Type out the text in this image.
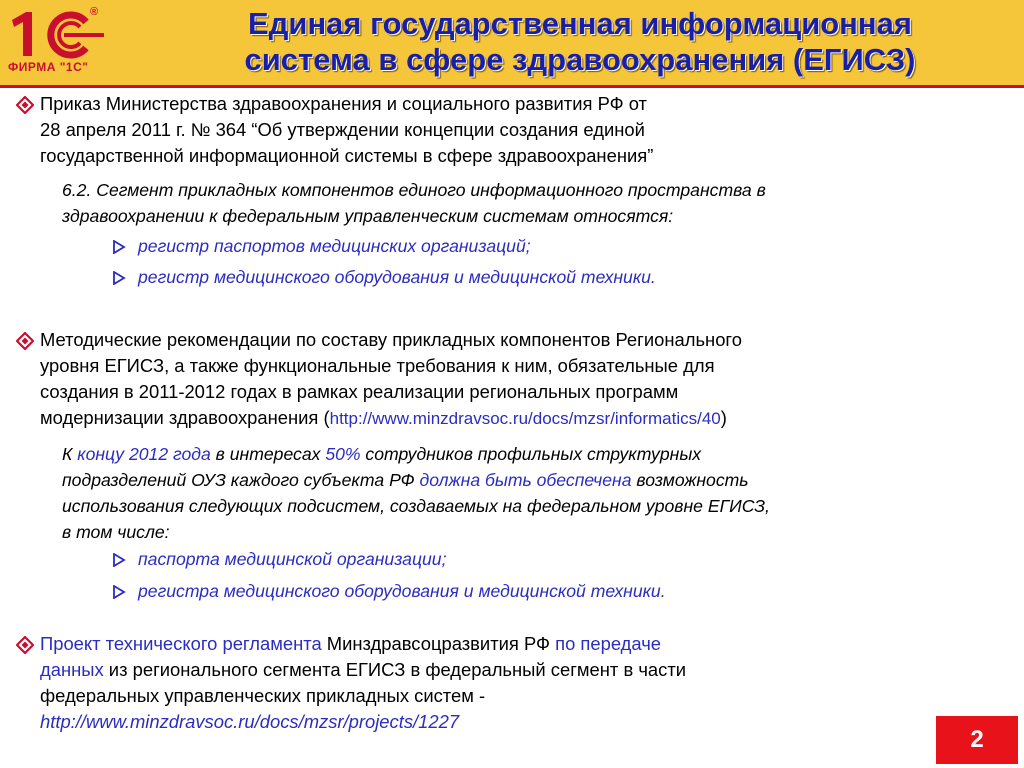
®
ФИРМА "1С"
Единая государственная информационная
система в сфере здравоохранения (ЕГИСЗ)
Приказ Министерства здравоохранения и социального развития РФ от
28 апреля 2011 г. № 364 “Об утверждении концепции создания единой
государственной информационной системы в сфере здравоохранения”
6.2. Сегмент прикладных компонентов единого информационного пространства в
здравоохранении к федеральным управленческим системам относятся:
регистр паспортов медицинских организаций;
регистр медицинского оборудования и медицинской техники.
Методические рекомендации по составу прикладных компонентов Регионального
уровня ЕГИСЗ, а также функциональные требования к ним, обязательные для
создания в 2011-2012 годах в рамках реализации региональных программ
модернизации здравоохранения (http://www.minzdravsoc.ru/docs/mzsr/informatics/40)
К концу 2012 года в интересах 50% сотрудников профильных структурных
подразделений ОУЗ каждого субъекта РФ должна быть обеспечена возможность
использования следующих подсистем, создаваемых на федеральном уровне ЕГИСЗ,
в том числе:
паспорта медицинской организации;
регистра медицинского оборудования и медицинской техники.
Проект технического регламента Минздравсоцразвития РФ по передаче
данных из регионального сегмента ЕГИСЗ в федеральный сегмент в части
федеральных управленческих прикладных систем -
http://www.minzdravsoc.ru/docs/mzsr/projects/1227
2
